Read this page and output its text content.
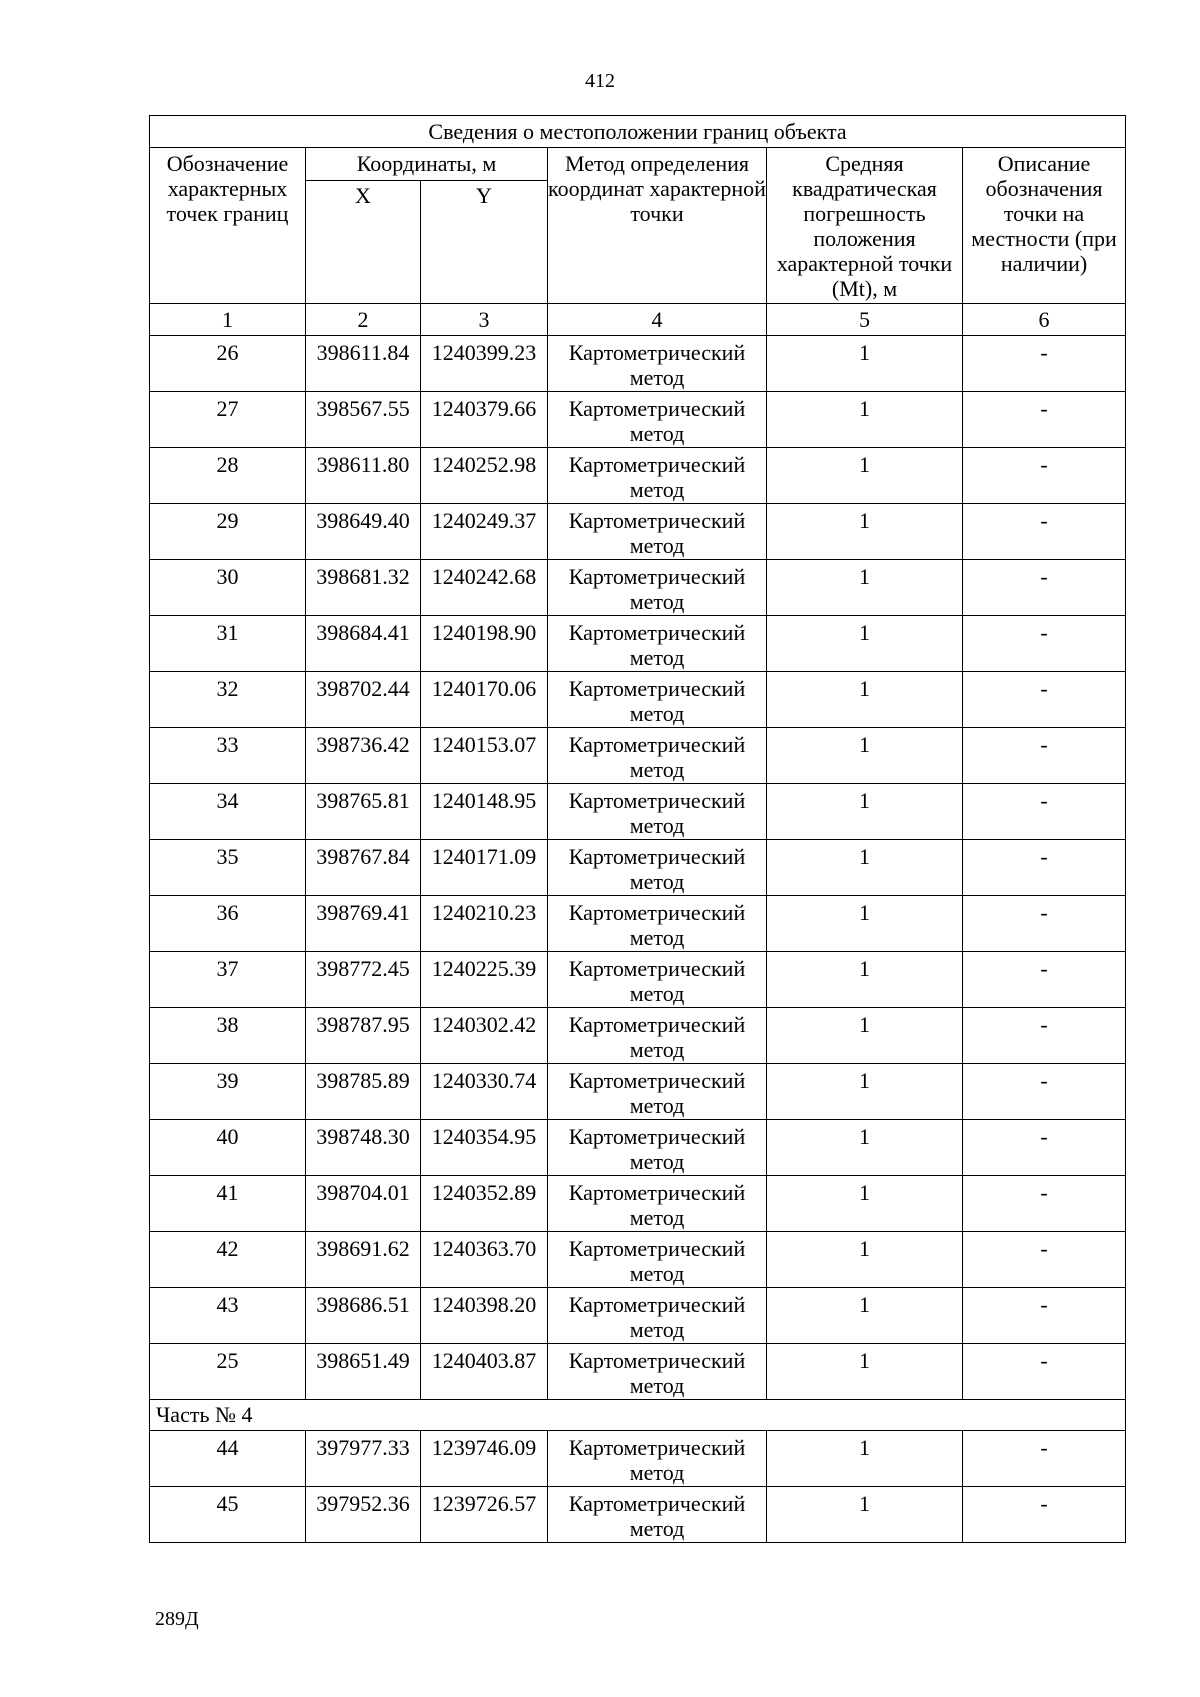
412
Сведения о местоположении границ объекта					
Обозначение характерных точек границ	Координаты, м		Метод определения координат характерной точки	Средняя квадратическая погрешность положения характерной точки (Mt), м	Описание обозначения точки на местности (при наличии)
	X	Y			
1	2	3	4	5	6
26	398611.84	1240399.23	Картометрический метод	1	-
27	398567.55	1240379.66	Картометрический метод	1	-
28	398611.80	1240252.98	Картометрический метод	1	-
29	398649.40	1240249.37	Картометрический метод	1	-
30	398681.32	1240242.68	Картометрический метод	1	-
31	398684.41	1240198.90	Картометрический метод	1	-
32	398702.44	1240170.06	Картометрический метод	1	-
33	398736.42	1240153.07	Картометрический метод	1	-
34	398765.81	1240148.95	Картометрический метод	1	-
35	398767.84	1240171.09	Картометрический метод	1	-
36	398769.41	1240210.23	Картометрический метод	1	-
37	398772.45	1240225.39	Картометрический метод	1	-
38	398787.95	1240302.42	Картометрический метод	1	-
39	398785.89	1240330.74	Картометрический метод	1	-
40	398748.30	1240354.95	Картометрический метод	1	-
41	398704.01	1240352.89	Картометрический метод	1	-
42	398691.62	1240363.70	Картометрический метод	1	-
43	398686.51	1240398.20	Картометрический метод	1	-
25	398651.49	1240403.87	Картометрический метод	1	-
Часть № 4					
44	397977.33	1239746.09	Картометрический метод	1	-
45	397952.36	1239726.57	Картометрический метод	1	-
289Д
